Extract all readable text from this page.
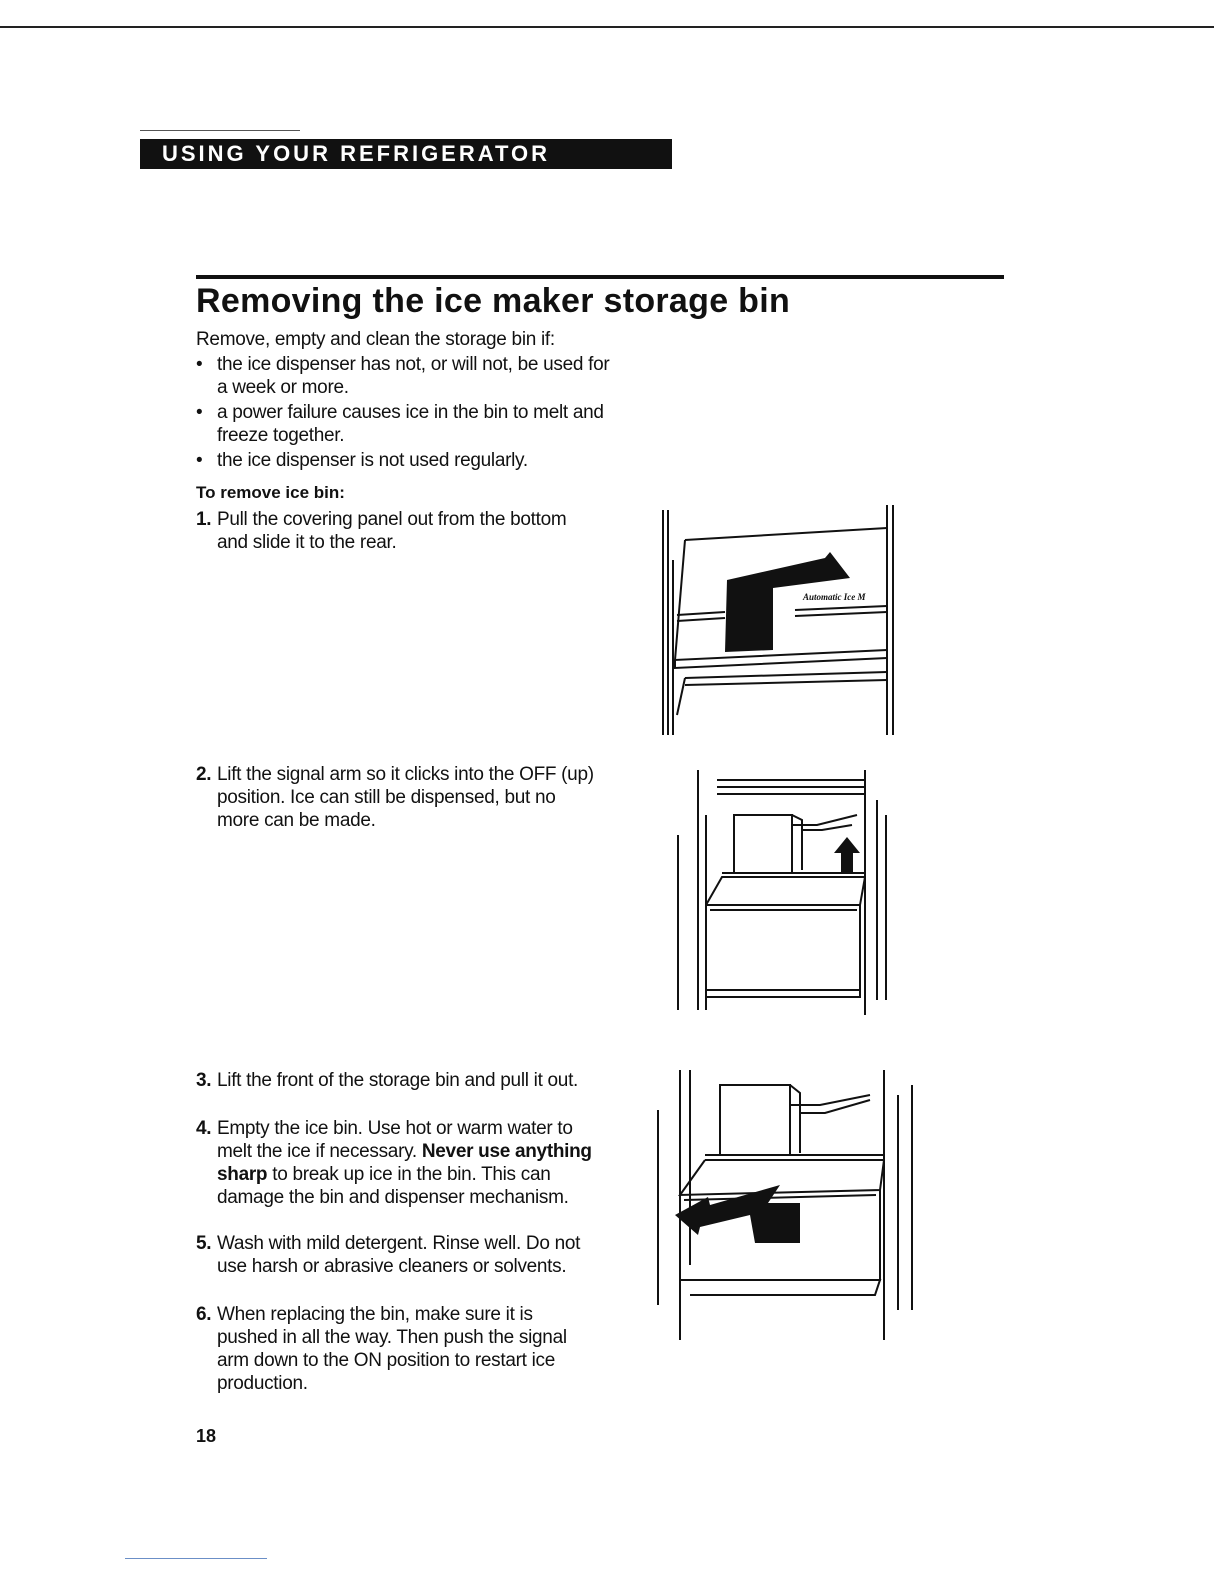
USING YOUR REFRIGERATOR
Removing the ice maker storage bin
Remove, empty and clean the storage bin if:
• the ice dispenser has not, or will not, be used for a week or more.
• a power failure causes ice in the bin to melt and freeze together.
• the ice dispenser is not used regularly.
To remove ice bin:
1. Pull the covering panel out from the bottom and slide it to the rear.
2. Lift the signal arm so it clicks into the OFF (up) position. Ice can still be dispensed, but no more can be made.
3. Lift the front of the storage bin and pull it out.
4. Empty the ice bin. Use hot or warm water to melt the ice if necessary. Never use anything sharp to break up ice in the bin. This can damage the bin and dispenser mechanism.
5. Wash with mild detergent. Rinse well. Do not use harsh or abrasive cleaners or solvents.
6. When replacing the bin, make sure it is pushed in all the way. Then push the signal arm down to the ON position to restart ice production.
Automatic Ice M
18
